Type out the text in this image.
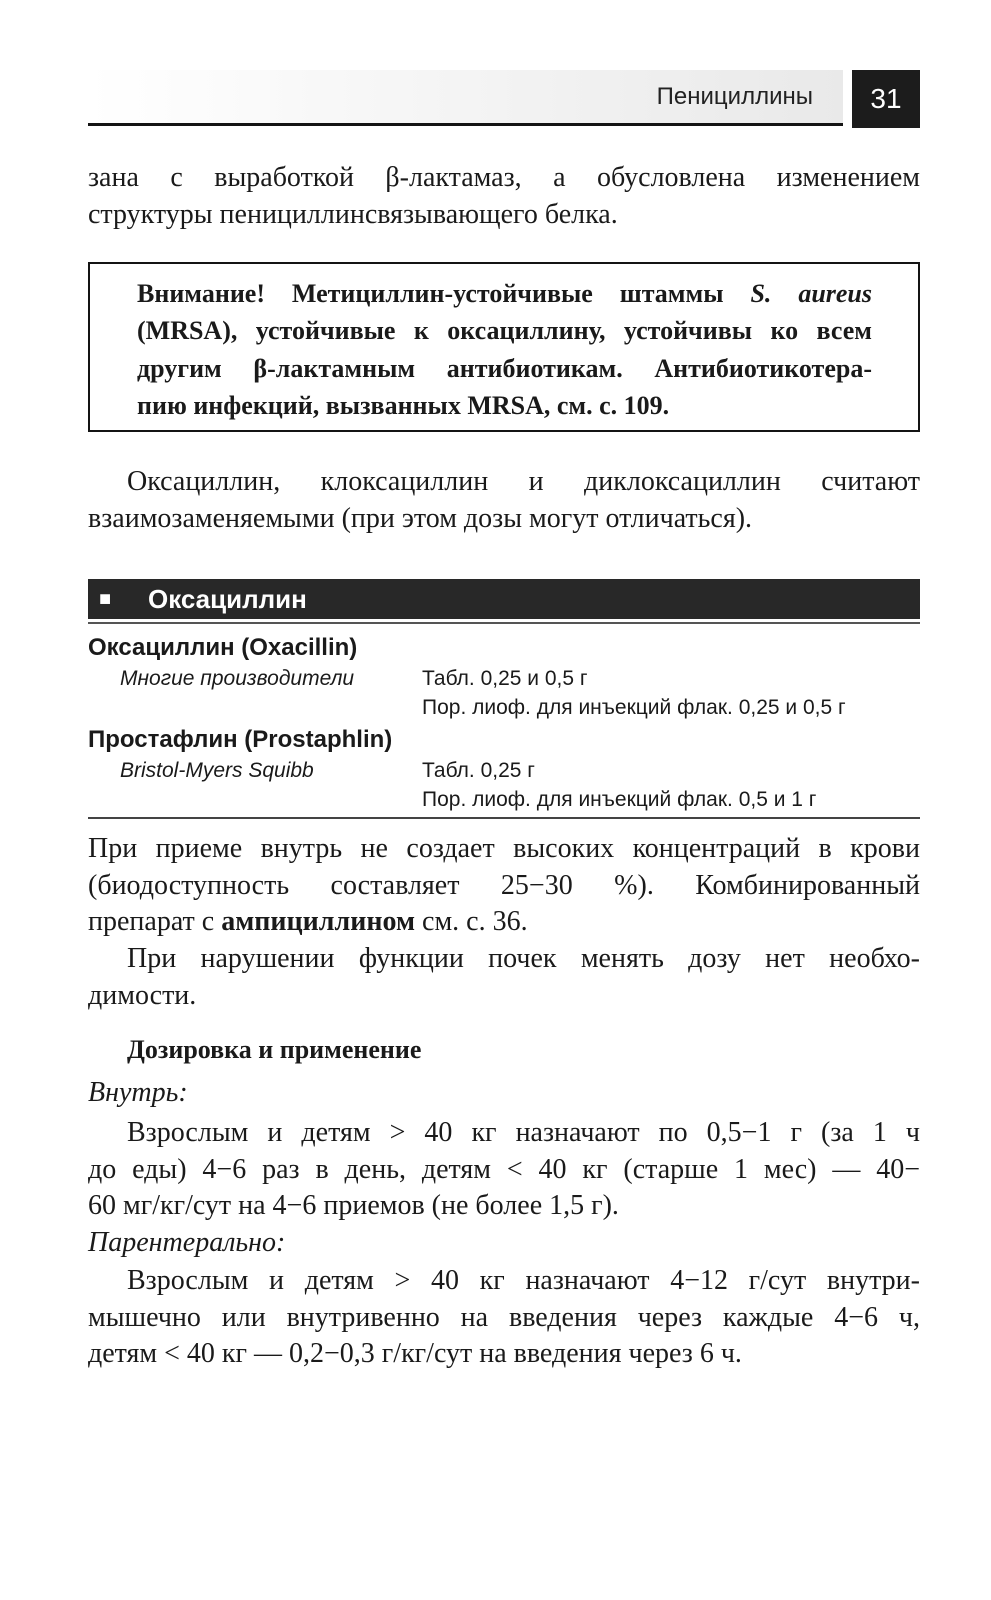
Пенициллины	31
зана с выработкой β-лактамаз, а обусловлена изменением
структуры пенициллинсвязывающего белка.
Внимание! Метициллин-устойчивые штаммы S. aureus
(MRSA), устойчивые к оксациллину, устойчивы ко всем
другим β-лактамным антибиотикам. Антибиотикотера-
пию инфекций, вызванных MRSA, см. с. 109.
Оксациллин, клоксациллин и диклоксациллин считают
взаимозаменяемыми (при этом дозы могут отличаться).
■ Оксациллин
Оксациллин (Oxacillin)
Многие производители	Табл. 0,25 и 0,5 г
Пор. лиоф. для инъекций флак. 0,25 и 0,5 г
Простафлин (Prostaphlin)
Bristol-Myers Squibb	Табл. 0,25 г
Пор. лиоф. для инъекций флак. 0,5 и 1 г
При приеме внутрь не создает высоких концентраций в крови
(биодоступность составляет 25−30 %). Комбинированный
препарат с ампициллином см. с. 36.
При нарушении функции почек менять дозу нет необхо-
димости.
Дозировка и применение
Внутрь:
Взрослым и детям > 40 кг назначают по 0,5−1 г (за 1 ч
до еды) 4−6 раз в день, детям < 40 кг (старше 1 мес) — 40−
60 мг/кг/сут на 4−6 приемов (не более 1,5 г).
Парентерально:
Взрослым и детям > 40 кг назначают 4−12 г/сут внутри-
мышечно или внутривенно на введения через каждые 4−6 ч,
детям < 40 кг — 0,2−0,3 г/кг/сут на введения через 6 ч.
